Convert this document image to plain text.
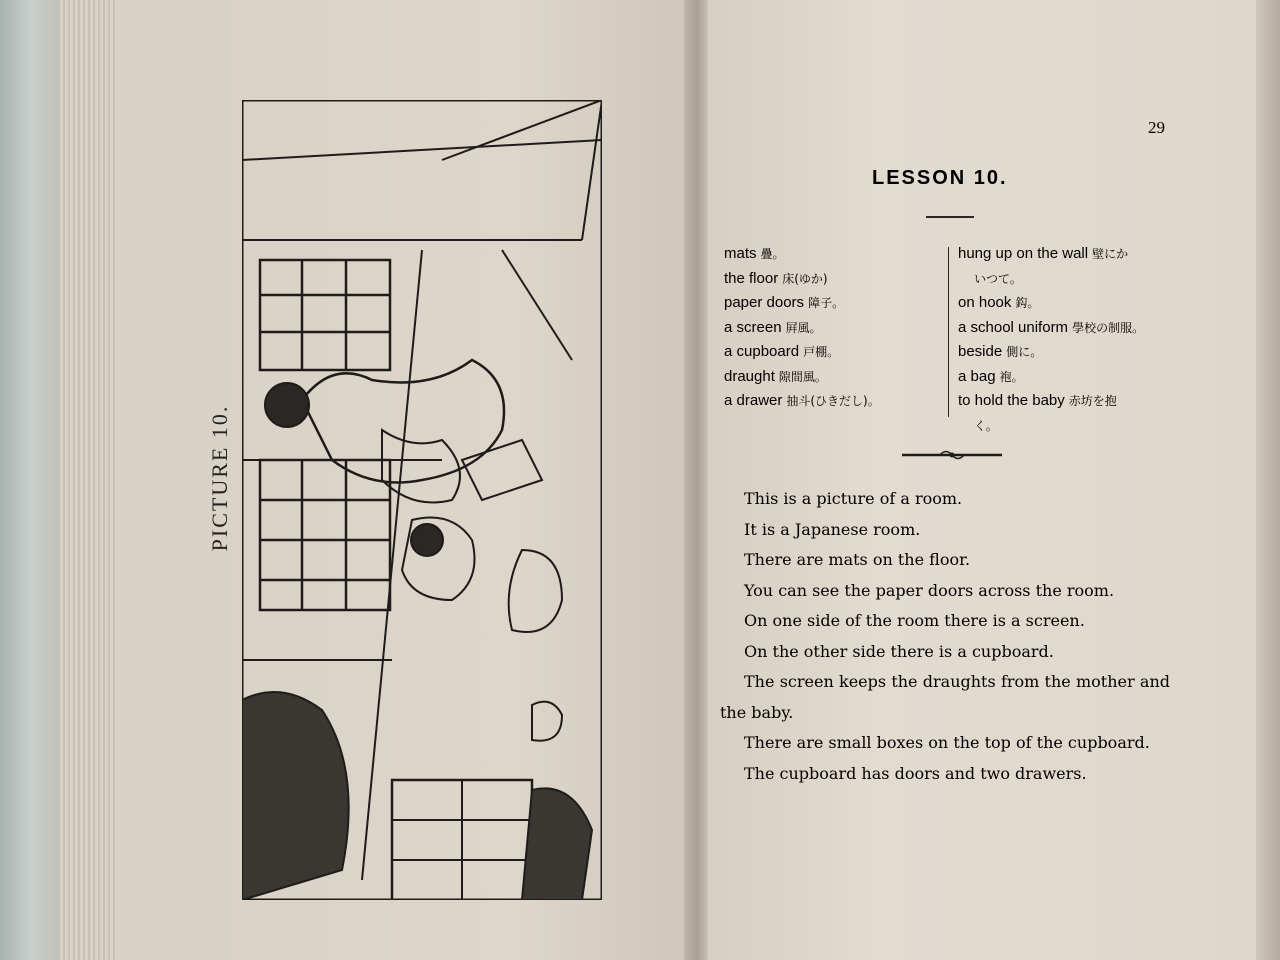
PICTURE 10.
29
LESSON 10.
mats 疊。
the floor 床(ゆか)
paper doors 障子。
a screen 屛風。
a cupboard 戸棚。
draught 隙間風。
a drawer 抽斗(ひきだし)。
hung up on the wall 壁にか
いつて。
on hook 鈎。
a school uniform 學校の制服。
beside 側に。
a bag 袍。
to hold the baby 赤坊を抱
く。

This is a picture of a room.

It is a Japanese room.

There are mats on the floor.

You can see the paper doors across the room.

On one side of the room there is a screen.

On the other side there is a cupboard.

The screen keeps the draughts from the mother and the baby.

There are small boxes on the top of the cupboard.

The cupboard has doors and two drawers.
